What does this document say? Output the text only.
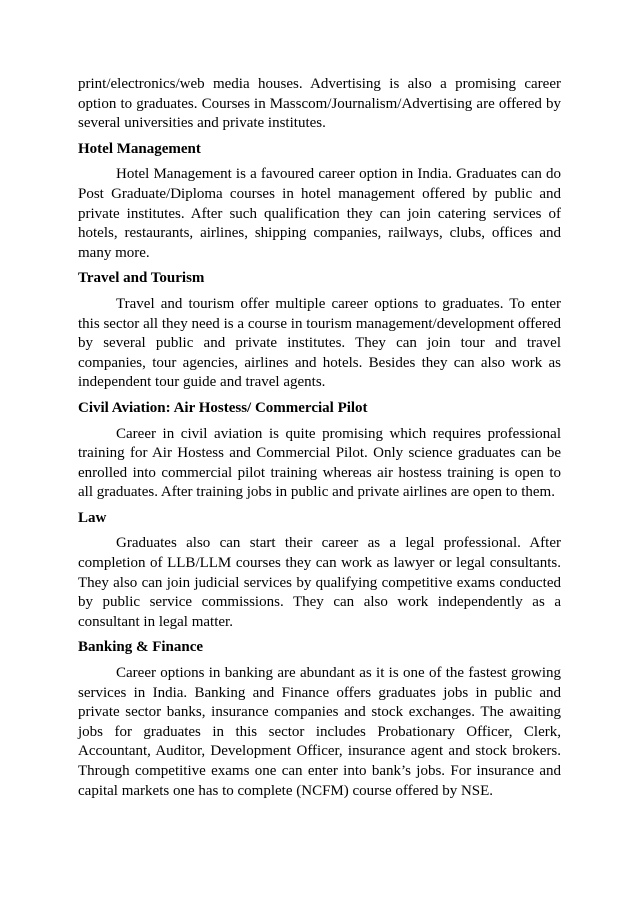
print/electronics/web media houses. Advertising is also a promising career option to graduates. Courses in Masscom/Journalism/Advertising are offered by several universities and private institutes.

Hotel Management

Hotel Management is a favoured career option in India. Graduates can do Post Graduate/Diploma courses in hotel management offered by public and private institutes. After such qualification they can join catering services of hotels, restaurants, airlines, shipping companies, railways, clubs, offices and many more.

Travel and Tourism

Travel and tourism offer multiple career options to graduates. To enter this sector all they need is a course in tourism management/development offered by several public and private institutes. They can join tour and travel companies, tour agencies, airlines and hotels. Besides they can also work as independent tour guide and travel agents.

Civil Aviation: Air Hostess/ Commercial Pilot

Career in civil aviation is quite promising which requires professional training for Air Hostess and Commercial Pilot. Only science graduates can be enrolled into commercial pilot training whereas air hostess training is open to all graduates. After training jobs in public and private airlines are open to them.

Law

Graduates also can start their career as a legal professional. After completion of LLB/LLM courses they can work as lawyer or legal consultants. They also can join judicial services by qualifying competitive exams conducted by public service commissions. They can also work independently as a consultant in legal matter.

Banking & Finance

Career options in banking are abundant as it is one of the fastest growing services in India. Banking and Finance offers graduates jobs in public and private sector banks, insurance companies and stock exchanges. The awaiting jobs for graduates in this sector includes Probationary Officer, Clerk, Accountant, Auditor, Development Officer, insurance agent and stock brokers. Through competitive exams one can enter into bank’s jobs. For insurance and capital markets one has to complete (NCFM) course offered by NSE.
